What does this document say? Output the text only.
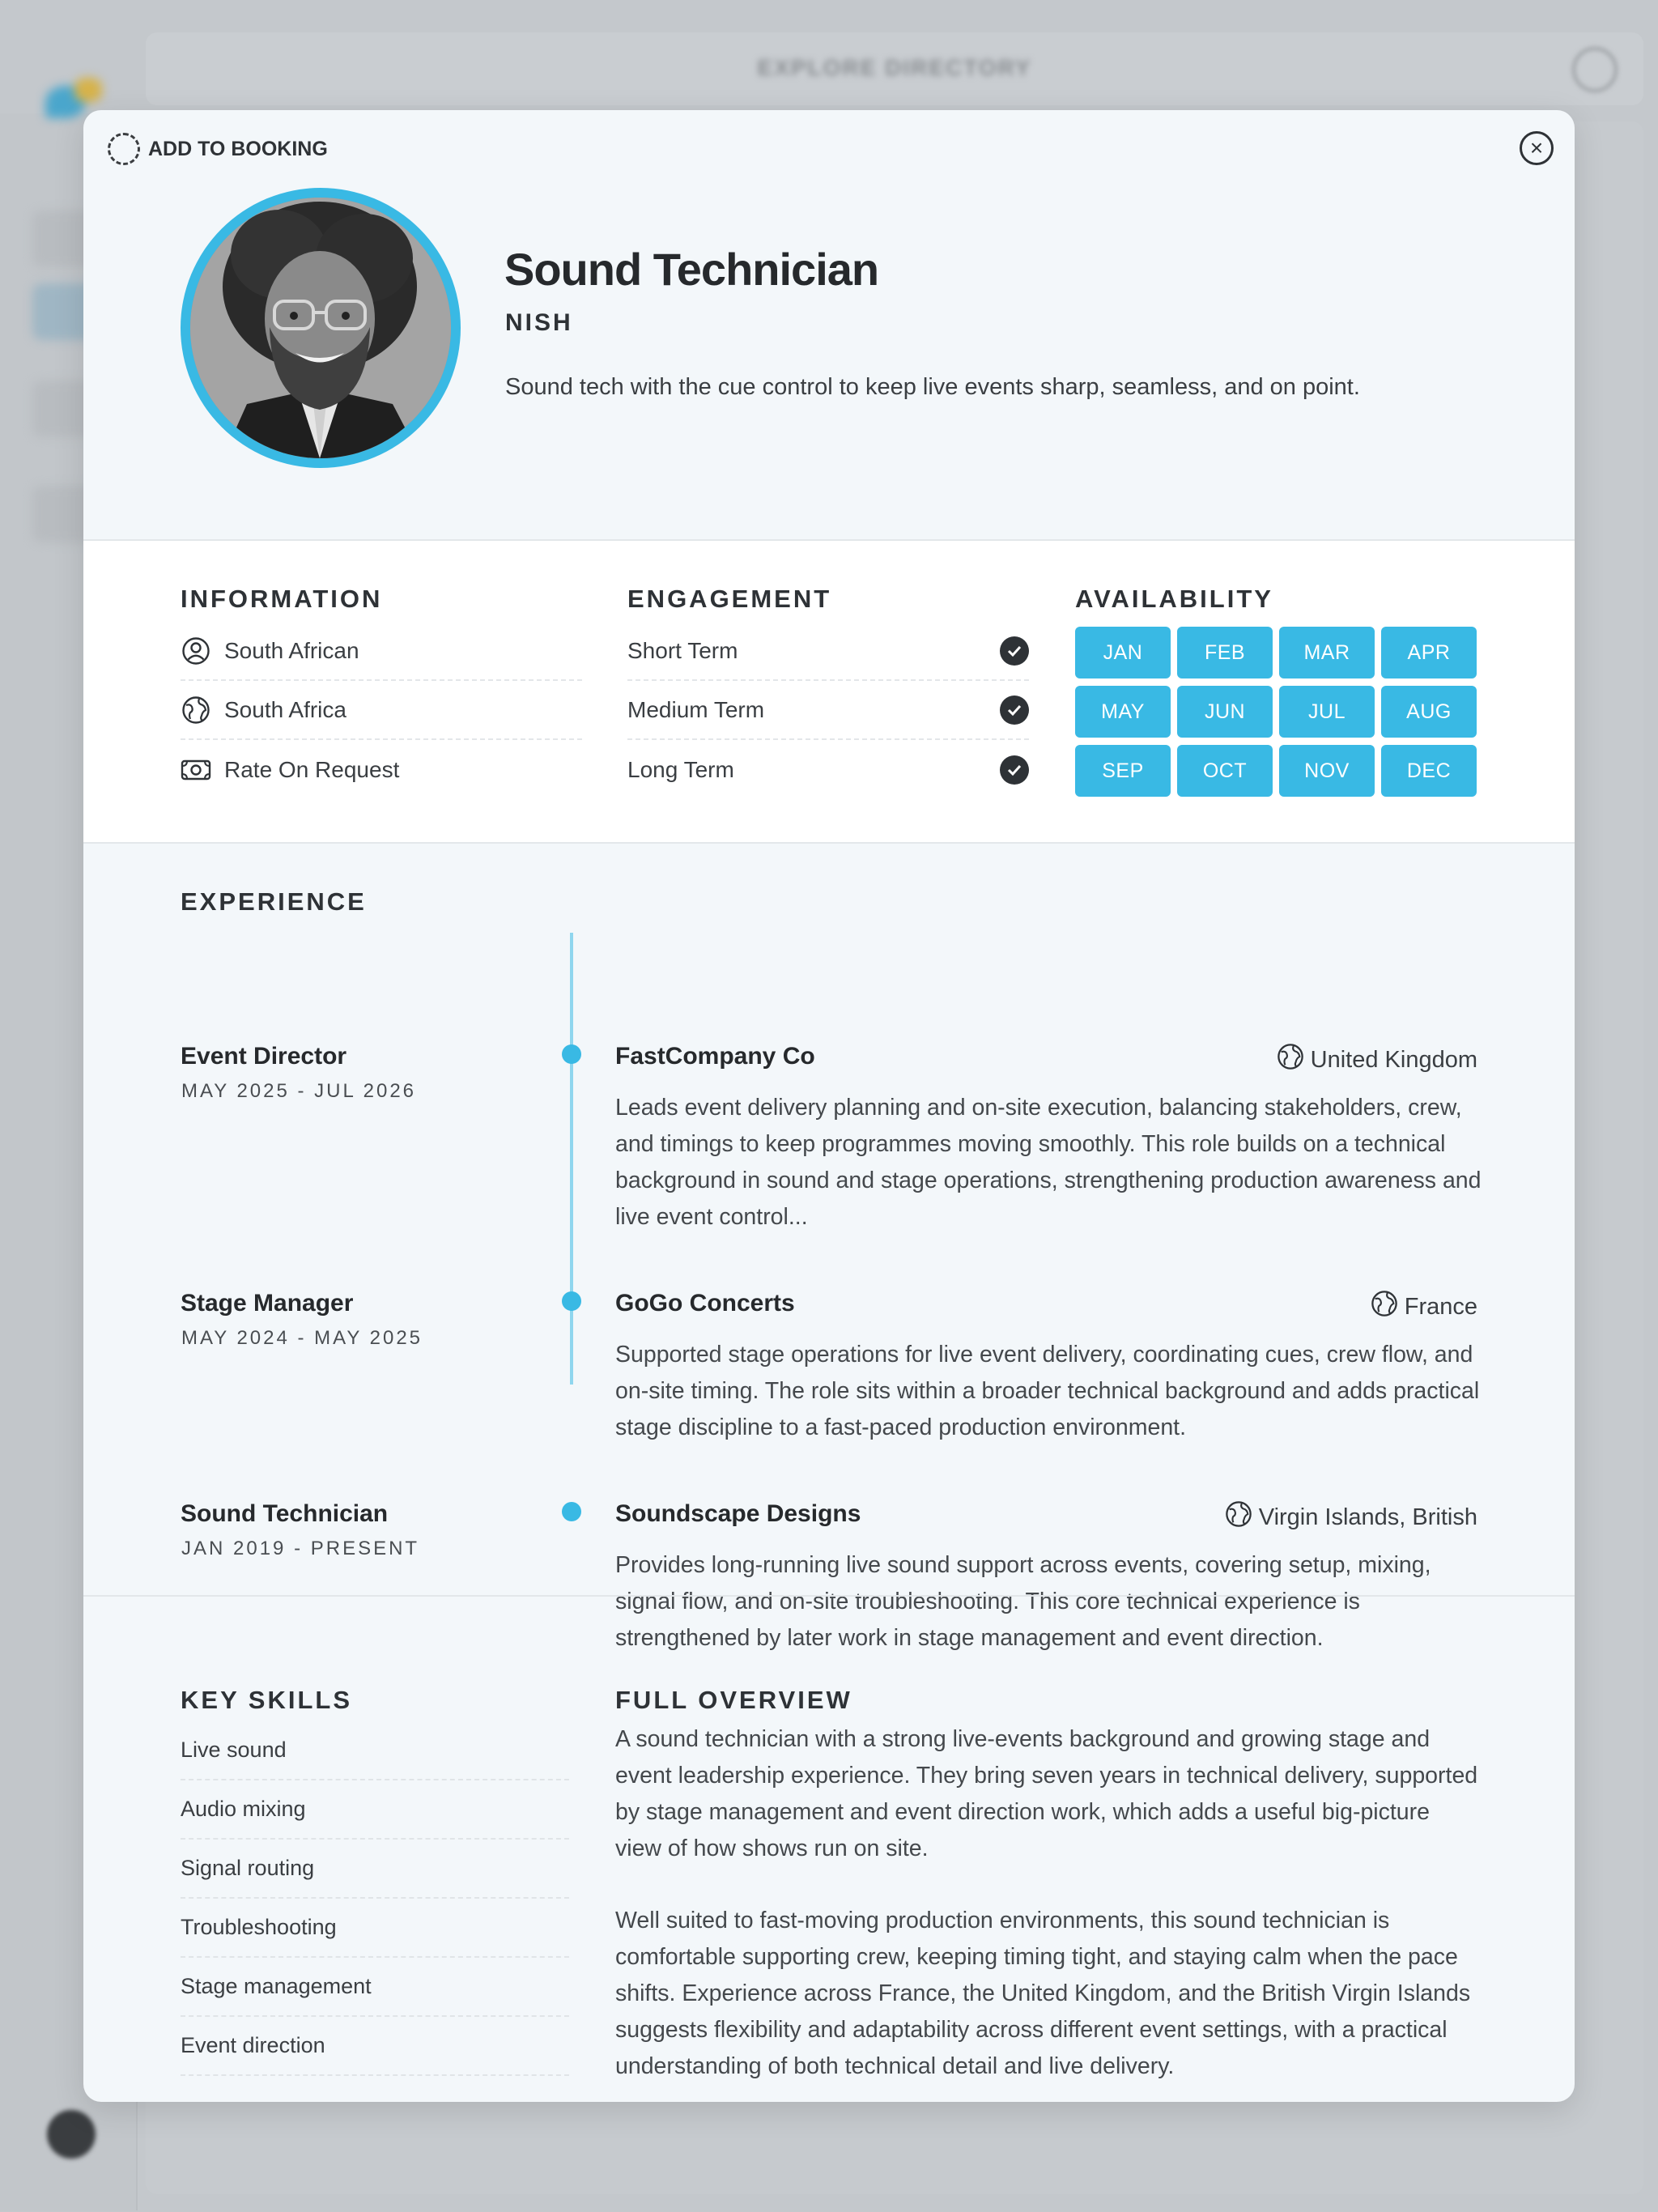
EXPLORE DIRECTORY
ADD TO BOOKING	×
Sound Technician
NISH
Sound tech with the cue control to keep live events sharp, seamless, and on point.
INFORMATION
South African
South Africa
Rate On Request
ENGAGEMENT
Short Term
Medium Term
Long Term
AVAILABILITY
JAN	FEB	MAR	APR
MAY	JUN	JUL	AUG
SEP	OCT	NOV	DEC
EXPERIENCE
Event Director
MAY 2025 - JUL 2026
FastCompany Co	United Kingdom
Leads event delivery planning and on-site execution, balancing stakeholders, crew, and timings to keep programmes moving smoothly. This role builds on a technical background in sound and stage operations, strengthening production awareness and live event control...
Stage Manager
MAY 2024 - MAY 2025
GoGo Concerts	France
Supported stage operations for live event delivery, coordinating cues, crew flow, and on-site timing. The role sits within a broader technical background and adds practical stage discipline to a fast-paced production environment.
Sound Technician
JAN 2019 - PRESENT
Soundscape Designs	Virgin Islands, British
Provides long-running live sound support across events, covering setup, mixing, signal flow, and on-site troubleshooting. This core technical experience is strengthened by later work in stage management and event direction.
KEY SKILLS
Live sound
Audio mixing
Signal routing
Troubleshooting
Stage management
Event direction
FULL OVERVIEW

A sound technician with a strong live-events background and growing stage and event leadership experience. They bring seven years in technical delivery, supported by stage management and event direction work, which adds a useful big-picture view of how shows run on site.

Well suited to fast-moving production environments, this sound technician is comfortable supporting crew, keeping timing tight, and staying calm when the pace shifts. Experience across France, the United Kingdom, and the British Virgin Islands suggests flexibility and adaptability across different event settings, with a practical understanding of both technical detail and live delivery.
